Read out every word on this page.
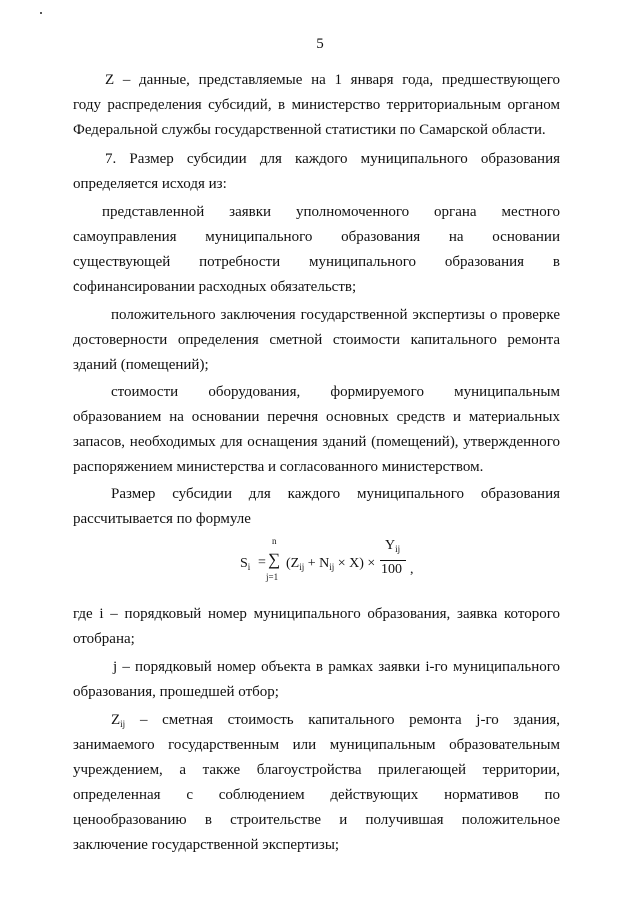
5
Z – данные, представляемые на 1 января года, предшествующего
году распределения субсидий, в министерство территориальным органом
Федеральной службы государственной статистики по Самарской области.
7. Размер субсидии для каждого муниципального образования
определяется исходя из:
представленной заявки уполномоченного органа местного
самоуправления муниципального образования на основании
существующей потребности муниципального образования в
софинансировании расходных обязательств;
положительного заключения государственной экспертизы о проверке
достоверности определения сметной стоимости капитального ремонта
зданий (помещений);
стоимости оборудования, формируемого муниципальным
образованием на основании перечня основных средств и материальных
запасов, необходимых для оснащения зданий (помещений), утвержденного
распоряжением министерства и согласованного министерством.
Размер субсидии для каждого муниципального образования
рассчитывается по формуле
$S_i$ =
n
∑
j=1
$(Z_{ij} + N_{ij} \times X)$ ×
$Y_{ij}$
100 ,
где i – порядковый номер муниципального образования, заявка которого
отобрана;
j – порядковый номер объекта в рамках заявки i-го муниципального
образования, прошедшей отбор;
$Z_{ij}$ – сметная стоимость капитального ремонта j-го здания,
занимаемого государственным или муниципальным образовательным
учреждением, а также благоустройства прилегающей территории,
определенная с соблюдением действующих нормативов по
ценообразованию в строительстве и получившая положительное
заключение государственной экспертизы;
